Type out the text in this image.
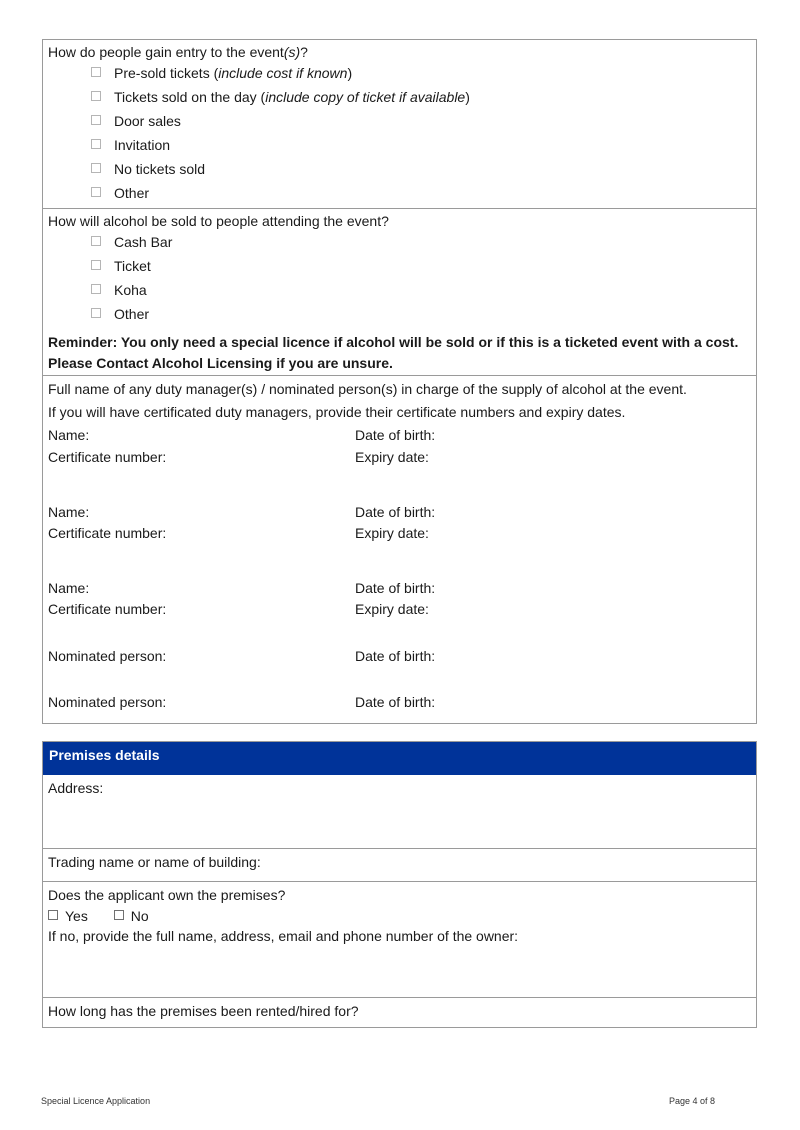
How do people gain entry to the event(s)?
Pre-sold tickets (include cost if known)
Tickets sold on the day (include copy of ticket if available)
Door sales
Invitation
No tickets sold
Other
How will alcohol be sold to people attending the event?
Cash Bar
Ticket
Koha
Other
Reminder: You only need a special licence if alcohol will be sold or if this is a ticketed event with a cost.
Please Contact Alcohol Licensing if you are unsure.
Full name of any duty manager(s) / nominated person(s) in charge of the supply of alcohol at the event.
If you will have certificated duty managers, provide their certificate numbers and expiry dates.
Name:	Date of birth:
Certificate number:	Expiry date:
Name:	Date of birth:
Certificate number:	Expiry date:
Name:	Date of birth:
Certificate number:	Expiry date:
Nominated person:	Date of birth:
Nominated person:	Date of birth:
Premises details
Address:
Trading name or name of building:
Does the applicant own the premises?
Yes	No
If no, provide the full name, address, email and phone number of the owner:
How long has the premises been rented/hired for?
Special Licence Application	Page 4 of 8
